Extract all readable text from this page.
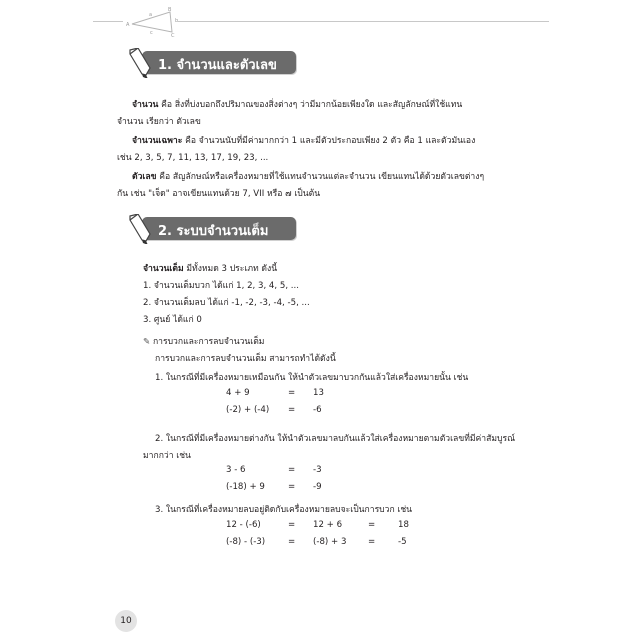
A
B
b
a
c	C
1. จำนวนและตัวเลข
จำนวน คือ สิ่งที่บ่งบอกถึงปริมาณของสิ่งต่างๆ ว่ามีมากน้อยเพียงใด และสัญลักษณ์ที่ใช้แทน
จำนวน เรียกว่า ตัวเลข
จำนวนเฉพาะ คือ จำนวนนับที่มีค่ามากกว่า 1 และมีตัวประกอบเพียง 2 ตัว คือ 1 และตัวมันเอง
เช่น 2, 3, 5, 7, 11, 13, 17, 19, 23, ...
ตัวเลข คือ สัญลักษณ์หรือเครื่องหมายที่ใช้แทนจำนวนแต่ละจำนวน เขียนแทนได้ด้วยตัวเลขต่างๆ
กัน เช่น "เจ็ด" อาจเขียนแทนด้วย 7, VII หรือ ๗ เป็นต้น
2. ระบบจำนวนเต็ม
จำนวนเต็ม มีทั้งหมด 3 ประเภท ดังนี้
1. จำนวนเต็มบวก ได้แก่ 1, 2, 3, 4, 5, ...
2. จำนวนเต็มลบ ได้แก่ -1, -2, -3, -4, -5, ...
3. ศูนย์ ได้แก่ 0
✎ การบวกและการลบจำนวนเต็ม
การบวกและการลบจำนวนเต็ม สามารถทำได้ดังนี้
1. ในกรณีที่มีเครื่องหมายเหมือนกัน ให้นำตัวเลขมาบวกกันแล้วใส่เครื่องหมายนั้น เช่น
4 + 9	= 13
(-2) + (-4) = -6
2. ในกรณีที่มีเครื่องหมายต่างกัน ให้นำตัวเลขมาลบกันแล้วใส่เครื่องหมายตามตัวเลขที่มีค่าสัมบูรณ์
มากกว่า เช่น
3 - 6	= -3
(-18) + 9	= -9
3. ในกรณีที่เครื่องหมายลบอยู่ติดกับเครื่องหมายลบจะเป็นการบวก เช่น
12 - (-6)	= 12 + 6	=	18
(-8) - (-3)	= (-8) + 3	=	-5
10
